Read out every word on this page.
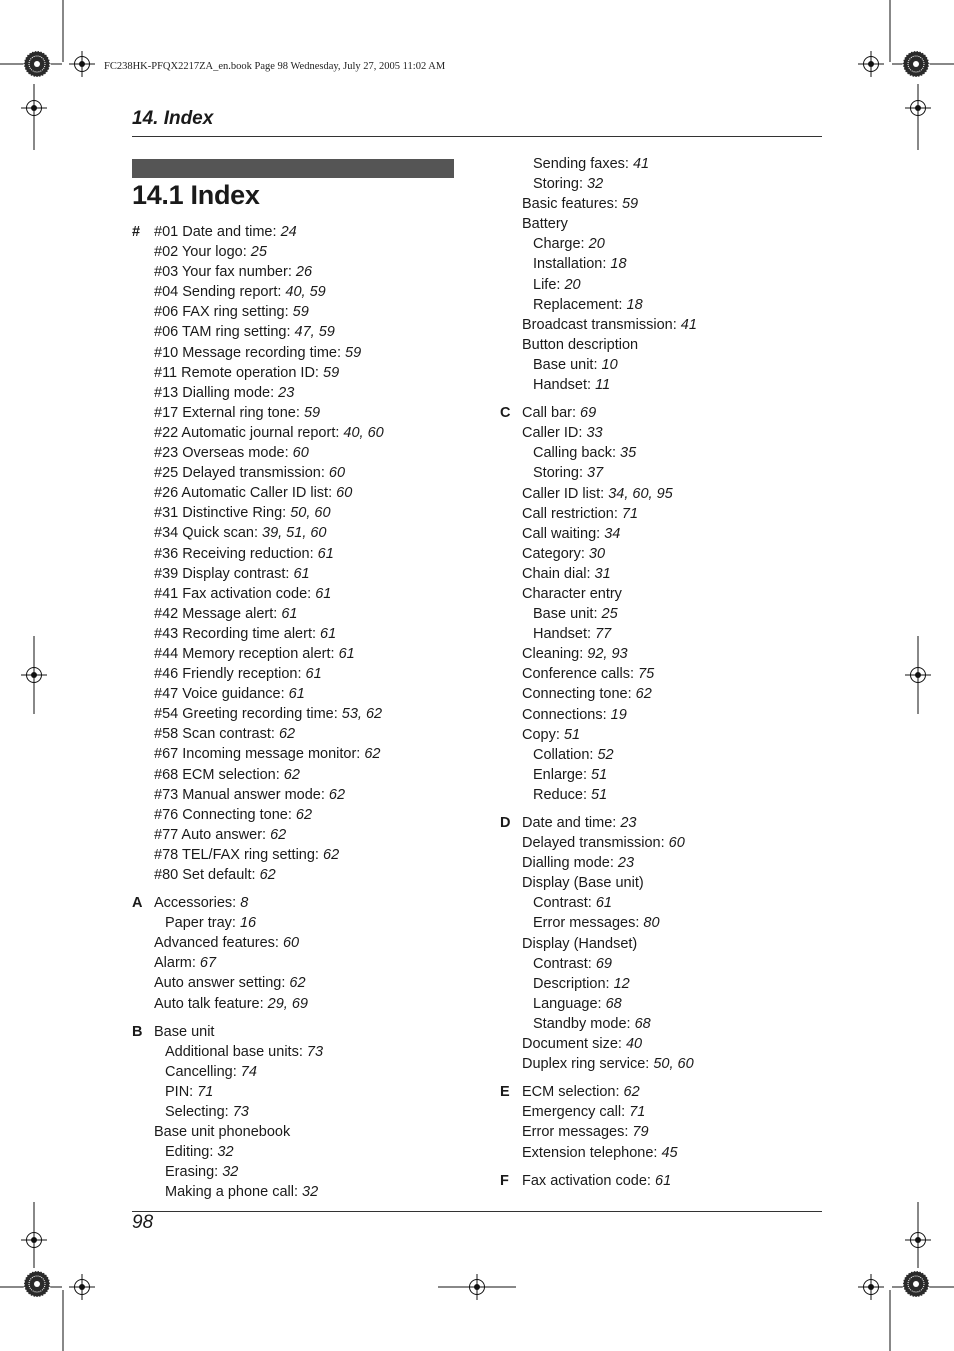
FC238HK-PFQX2217ZA_en.book Page 98 Wednesday, July 27, 2005 11:02 AM
14. Index
14.1 Index
# #01 Date and time: 24
#02 Your logo: 25
#03 Your fax number: 26
#04 Sending report: 40, 59
#06 FAX ring setting: 59
#06 TAM ring setting: 47, 59
#10 Message recording time: 59
#11 Remote operation ID: 59
#13 Dialling mode: 23
#17 External ring tone: 59
#22 Automatic journal report: 40, 60
#23 Overseas mode: 60
#25 Delayed transmission: 60
#26 Automatic Caller ID list: 60
#31 Distinctive Ring: 50, 60
#34 Quick scan: 39, 51, 60
#36 Receiving reduction: 61
#39 Display contrast: 61
#41 Fax activation code: 61
#42 Message alert: 61
#43 Recording time alert: 61
#44 Memory reception alert: 61
#46 Friendly reception: 61
#47 Voice guidance: 61
#54 Greeting recording time: 53, 62
#58 Scan contrast: 62
#67 Incoming message monitor: 62
#68 ECM selection: 62
#73 Manual answer mode: 62
#76 Connecting tone: 62
#77 Auto answer: 62
#78 TEL/FAX ring setting: 62
#80 Set default: 62
A Accessories: 8
Paper tray: 16
Advanced features: 60
Alarm: 67
Auto answer setting: 62
Auto talk feature: 29, 69
B Base unit
Additional base units: 73
Cancelling: 74
PIN: 71
Selecting: 73
Base unit phonebook
Editing: 32
Erasing: 32
Making a phone call: 32
Sending faxes: 41
Storing: 32
Basic features: 59
Battery
Charge: 20
Installation: 18
Life: 20
Replacement: 18
Broadcast transmission: 41
Button description
Base unit: 10
Handset: 11
C Call bar: 69
Caller ID: 33
Calling back: 35
Storing: 37
Caller ID list: 34, 60, 95
Call restriction: 71
Call waiting: 34
Category: 30
Chain dial: 31
Character entry
Base unit: 25
Handset: 77
Cleaning: 92, 93
Conference calls: 75
Connecting tone: 62
Connections: 19
Copy: 51
Collation: 52
Enlarge: 51
Reduce: 51
D Date and time: 23
Delayed transmission: 60
Dialling mode: 23
Display (Base unit)
Contrast: 61
Error messages: 80
Display (Handset)
Contrast: 69
Description: 12
Language: 68
Standby mode: 68
Document size: 40
Duplex ring service: 50, 60
E ECM selection: 62
Emergency call: 71
Error messages: 79
Extension telephone: 45
F Fax activation code: 61
98
